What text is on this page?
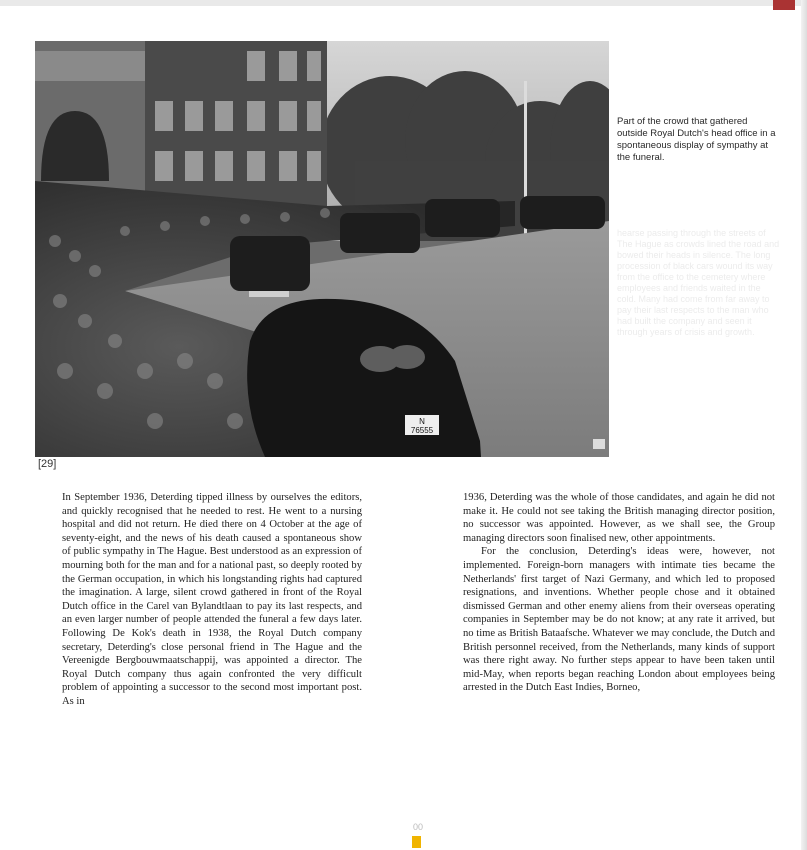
N
76555
[29]
Part of the crowd that gathered outside Royal Dutch's head office in a spontaneous display of sympathy at the funeral.
hearse passing through the streets of The Hague as crowds lined the road and bowed their heads in silence. The long procession of black cars wound its way from the office to the cemetery where employees and friends waited in the cold. Many had come from far away to pay their last respects to the man who had built the company and seen it through years of crisis and growth.

In September 1936, Deterding tipped illness by ourselves the editors, and quickly recognised that he needed to rest. He went to a nursing hospital and did not return. He died there on 4 October at the age of seventy-eight, and the news of his death caused a spontaneous show of public sympathy in The Hague. Best understood as an expression of mourning both for the man and for a national past, so deeply rooted by the German occupation, in which his longstanding rights had captured the imagination. A large, silent crowd gathered in front of the Royal Dutch office in the Carel van Bylandtlaan to pay its last respects, and an even larger number of people attended the funeral a few days later. Following De Kok's death in 1938, the Royal Dutch company secretary, Deterding's close personal friend in The Hague and the Vereenigde Bergbouwmaatschappij, was appointed a director. The Royal Dutch company thus again confronted the very difficult problem of appointing a successor to the second most important post. As in

1936, Deterding was the whole of those candidates, and again he did not make it. He could not see taking the British managing director position, no successor was appointed. However, as we shall see, the Group managing directors soon finalised new, other appointments.

For the conclusion, Deterding's ideas were, however, not implemented. Foreign-born managers with intimate ties became the Netherlands' first target of Nazi Germany, and which led to proposed resignations, and inventions. Whether people chose and it obtained dismissed German and other enemy aliens from their overseas operating companies in September may be do not know; at any rate it arrived, but no time as British Bataafsche. Whatever we may conclude, the Dutch and British personnel received, from the Netherlands, many kinds of support was there right away. No further steps appear to have been taken until mid-May, when reports began reaching London about employees being arrested in the Dutch East Indies, Borneo,

00
